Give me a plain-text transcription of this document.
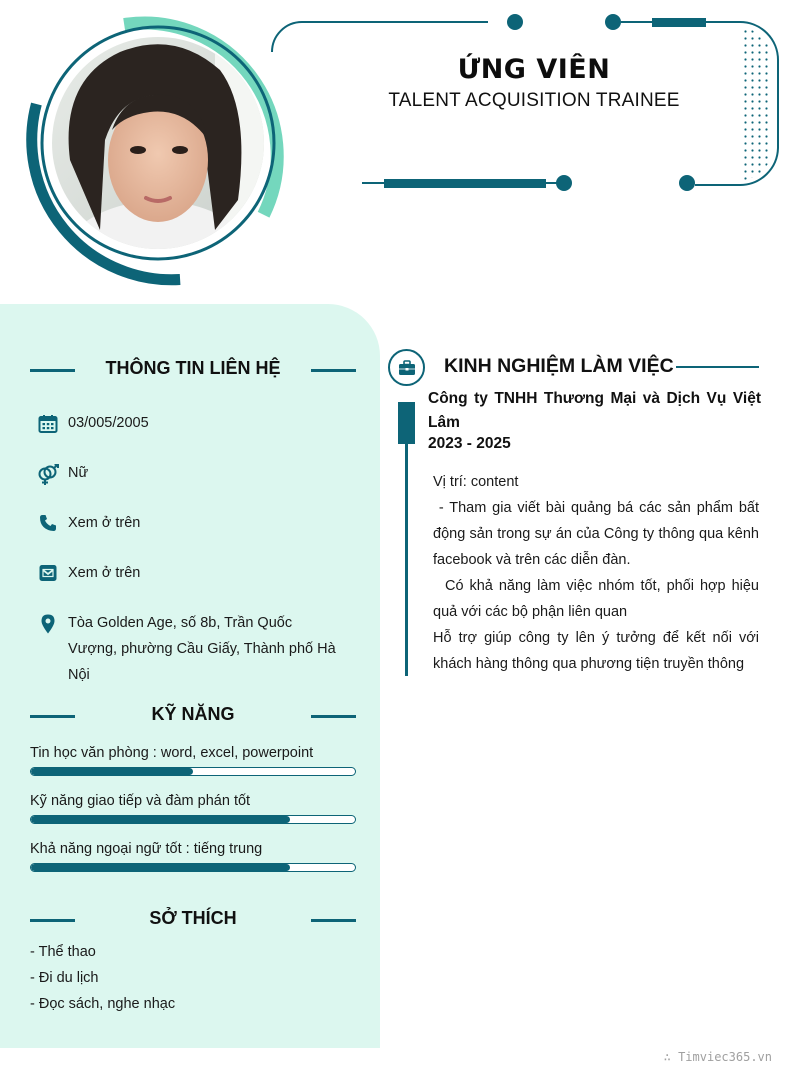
ỨNG VIÊN
TALENT ACQUISITION TRAINEE
THÔNG TIN LIÊN HỆ
03/005/2005
Nữ
Xem ở trên
Xem ở trên
Tòa Golden Age, số 8b, Trần Quốc Vượng, phường Cầu Giấy, Thành phố Hà Nội
KỸ NĂNG
Tin học văn phòng : word, excel, powerpoint
Kỹ năng giao tiếp và đàm phán tốt
Khả năng ngoại ngữ tốt : tiếng trung
SỞ THÍCH
- Thể thao
- Đi du lịch
- Đọc sách, nghe nhạc
KINH NGHIỆM LÀM VIỆC
Công ty TNHH Thương Mại và Dịch Vụ Việt Lâm
2023 - 2025
Vị trí: content
- Tham gia viết bài quảng bá các sản phẩm bất động sản trong sự án của Công ty thông qua kênh facebook và trên các diễn đàn.
Có khả năng làm việc nhóm tốt, phối hợp hiệu quả với các bộ phận liên quan
Hỗ trợ giúp công ty lên ý tưởng để kết nối với khách hàng thông qua phương tiện truyền thông
∴ Timviec365.vn
